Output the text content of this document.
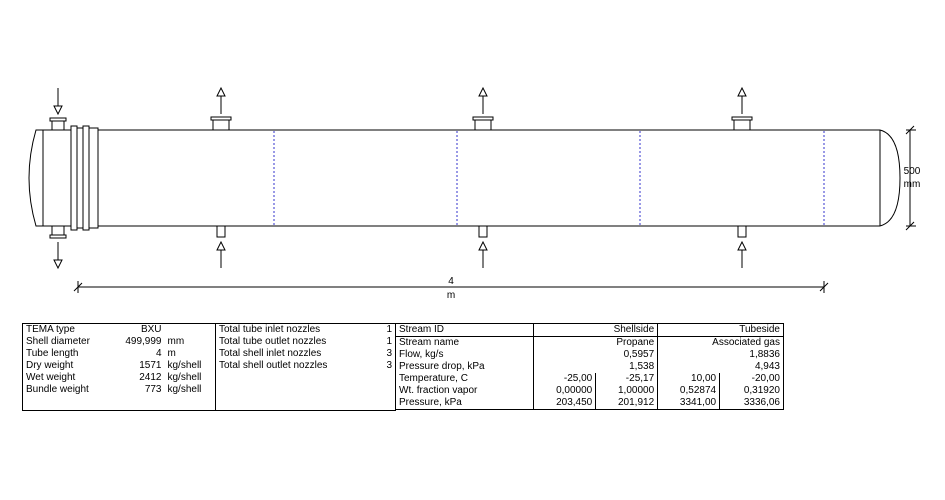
500
mm
4
m
TEMA type	BXU	
Shell diameter	499,999	mm
Tube length	4	m
Dry weight	1571	kg/shell
Wet weight	2412	kg/shell
Bundle weight	773	kg/shell

Total tube inlet nozzles	1
Total tube outlet nozzles	1
Total shell inlet nozzles	3
Total shell outlet nozzles	3

Stream ID	Shellside		Tubeside	
Stream name	Propane		Associated gas	
Flow, kg/s	0,5957		1,8836	
Pressure drop, kPa	1,538		4,943	
Temperature, C	-25,00	-25,17	10,00	-20,00
Wt. fraction vapor	0,00000	1,00000	0,52874	0,31920
Pressure, kPa	203,450	201,912	3341,00	3336,06
